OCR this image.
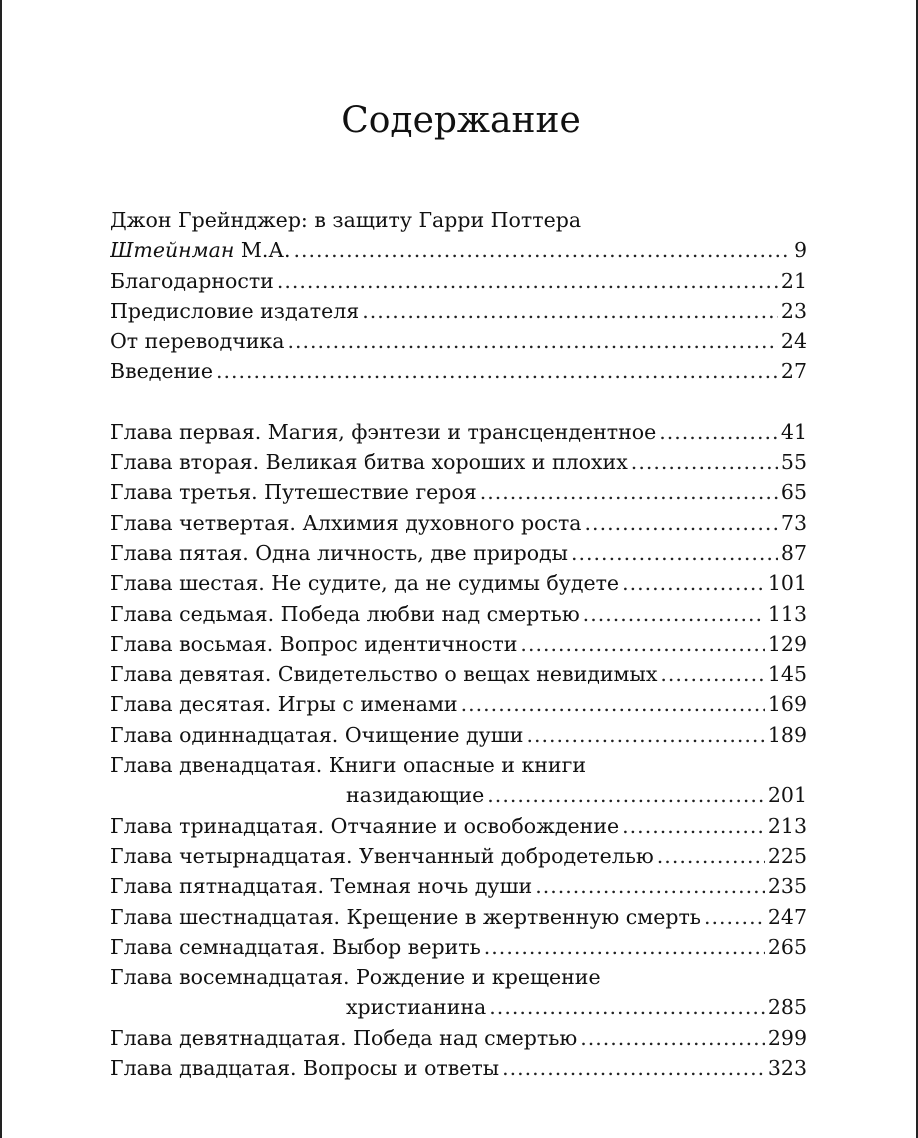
Содержание
Джон Грейнджер: в защиту Гарри Поттера
Штейнман М.А. .....	9
Благодарности .....	21
Предисловие издателя .....	23
От переводчика .....	24
Введение .....	27
Глава первая. Магия, фэнтези и трансцендентное .....	41
Глава вторая. Великая битва хороших и плохих .....	55
Глава третья. Путешествие героя .....	65
Глава четвертая. Алхимия духовного роста .....	73
Глава пятая. Одна личность, две природы .....	87
Глава шестая. Не судите, да не судимы будете .....	101
Глава седьмая. Победа любви над смертью .....	113
Глава восьмая. Вопрос идентичности .....	129
Глава девятая. Свидетельство о вещах невидимых .....	145
Глава десятая. Игры с именами .....	169
Глава одиннадцатая. Очищение души .....	189
Глава двенадцатая. Книги опасные и книги
назидающие .....	201
Глава тринадцатая. Отчаяние и освобождение .....	213
Глава четырнадцатая. Увенчанный добродетелью .....	225
Глава пятнадцатая. Темная ночь души .....	235
Глава шестнадцатая. Крещение в жертвенную смерть .....	247
Глава семнадцатая. Выбор верить .....	265
Глава восемнадцатая. Рождение и крещение
христианина .....	285
Глава девятнадцатая. Победа над смертью .....	299
Глава двадцатая. Вопросы и ответы .....	323
